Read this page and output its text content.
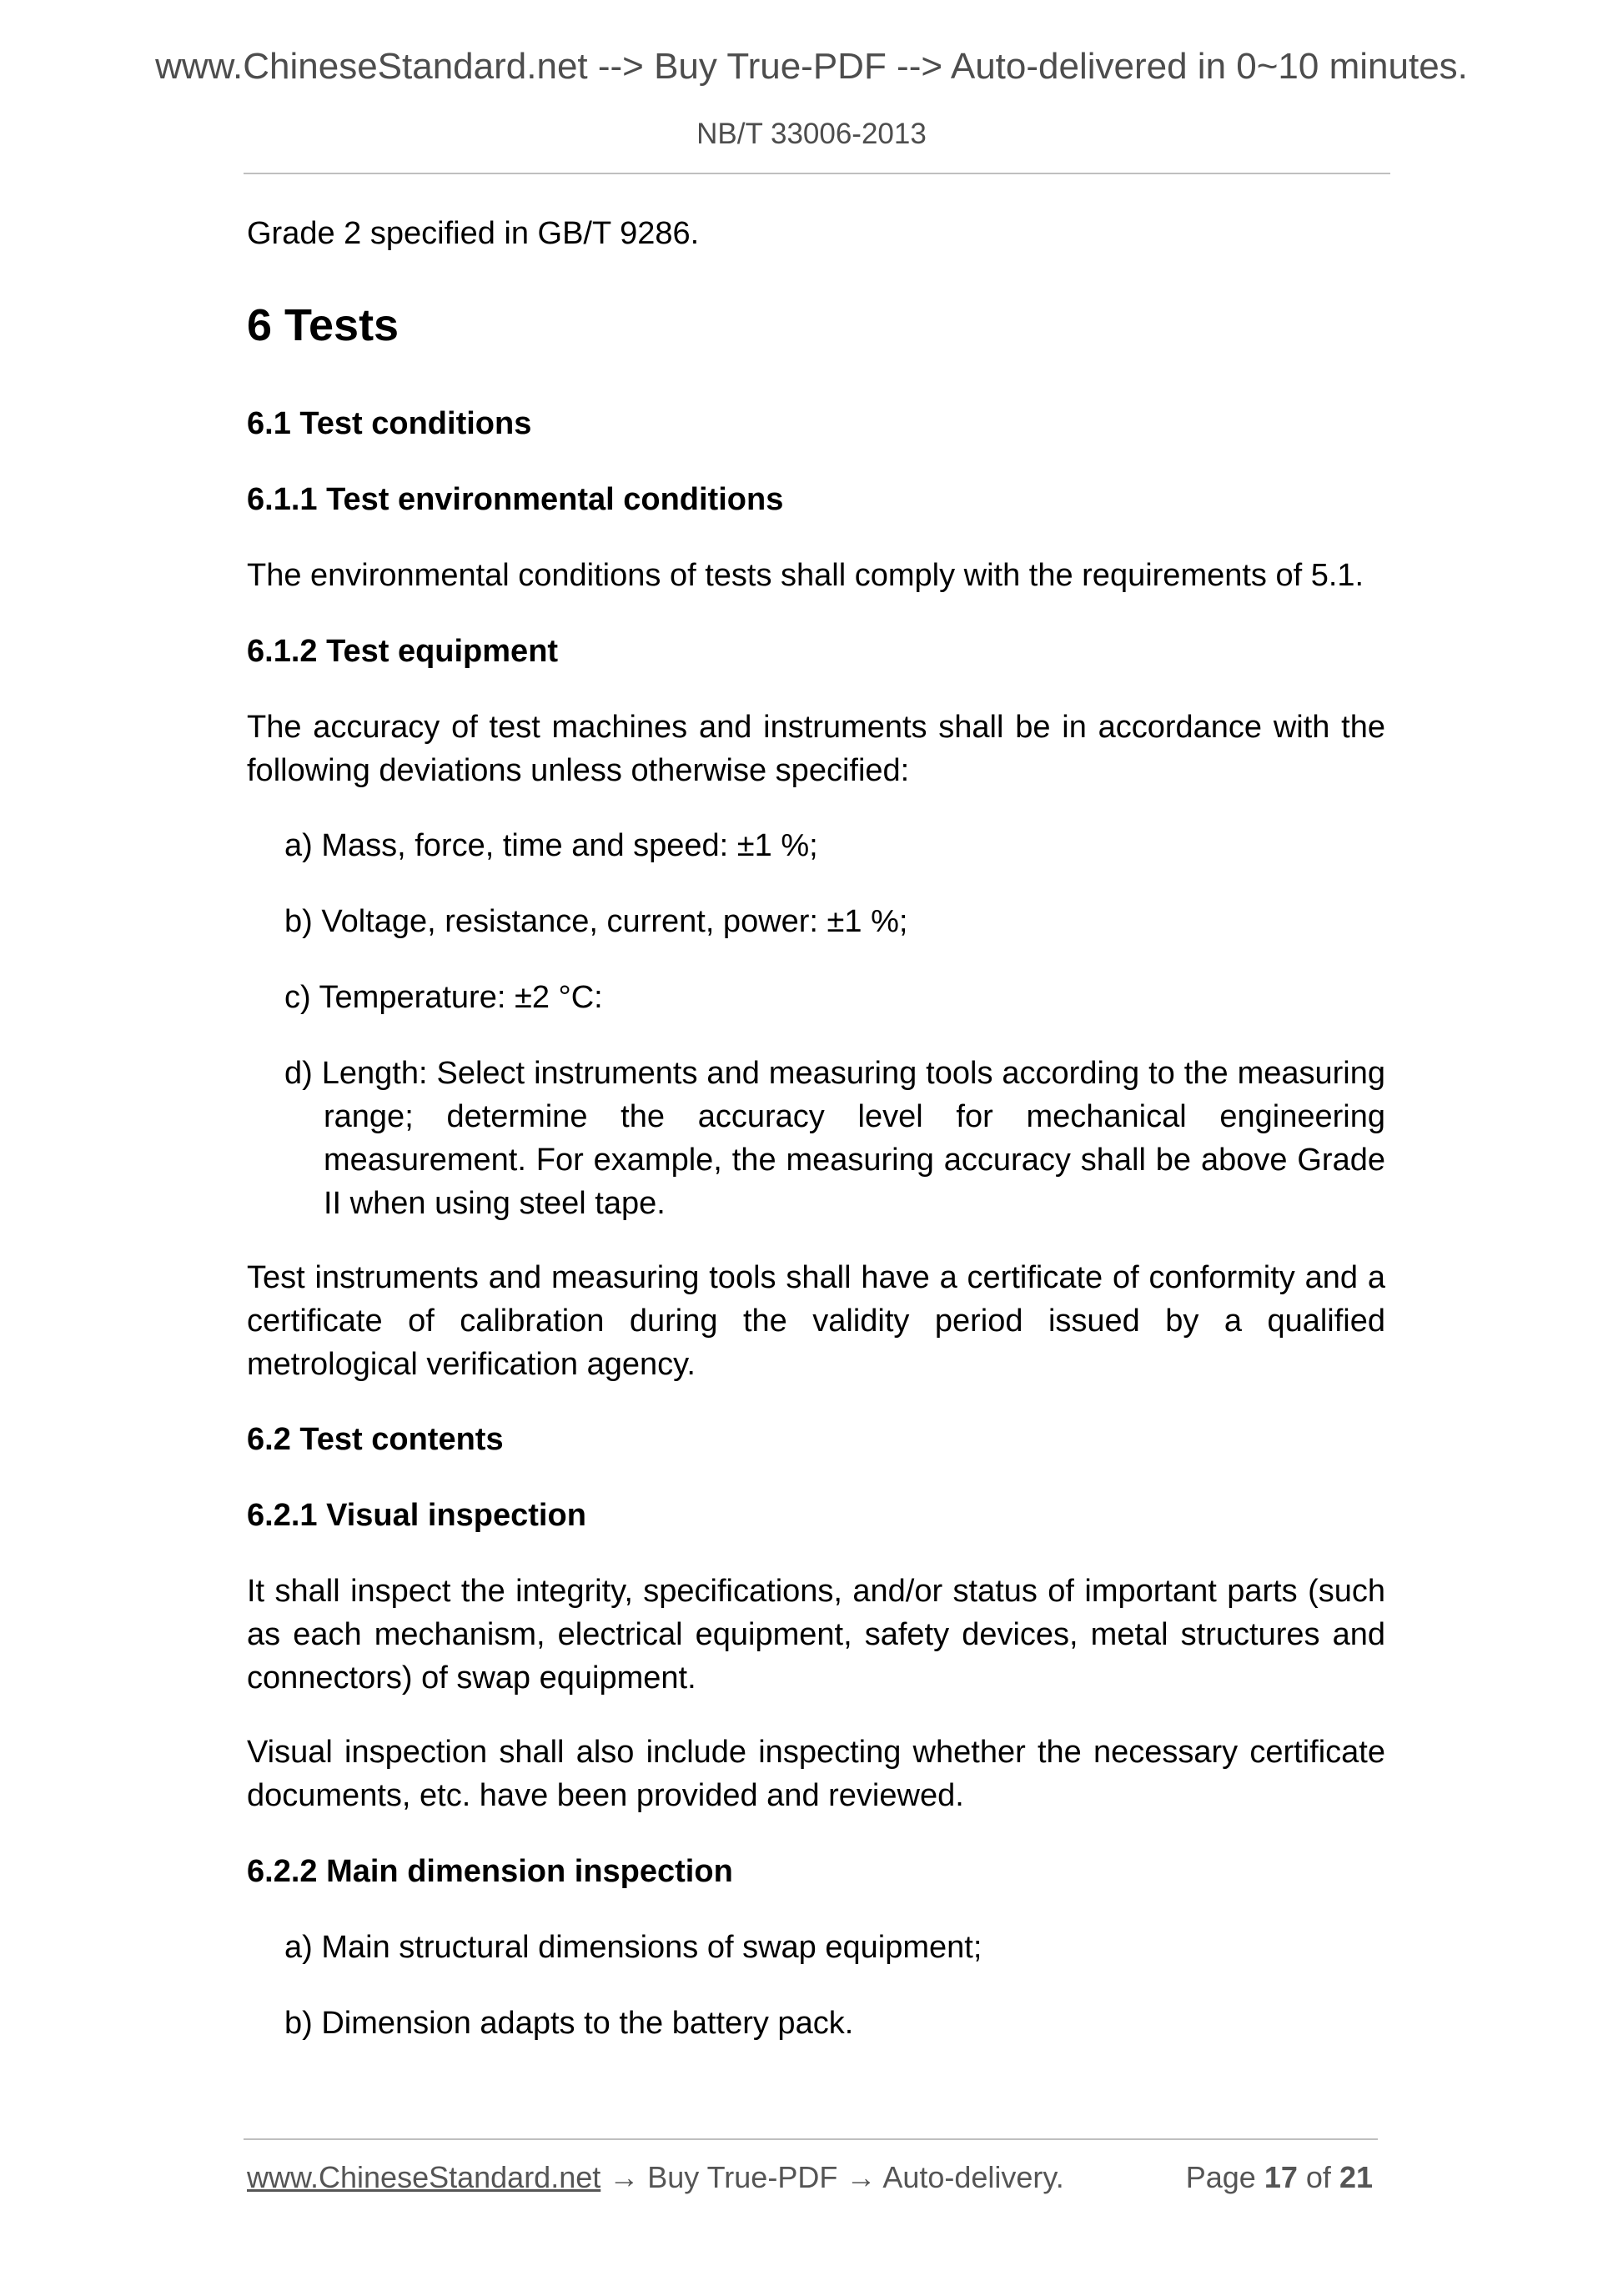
www.ChineseStandard.net --> Buy True-PDF --> Auto-delivered in 0~10 minutes.
NB/T 33006-2013
Grade 2 specified in GB/T 9286.
6 Tests
6.1 Test conditions
6.1.1 Test environmental conditions
The environmental conditions of tests shall comply with the requirements of 5.1.
6.1.2 Test equipment
The accuracy of test machines and instruments shall be in accordance with the following deviations unless otherwise specified:
a) Mass, force, time and speed: ±1 %;
b) Voltage, resistance, current, power: ±1 %;
c) Temperature: ±2 °C:
d) Length: Select instruments and measuring tools according to the measuring range; determine the accuracy level for mechanical engineering measurement. For example, the measuring accuracy shall be above Grade II when using steel tape.
Test instruments and measuring tools shall have a certificate of conformity and a certificate of calibration during the validity period issued by a qualified metrological verification agency.
6.2 Test contents
6.2.1 Visual inspection
It shall inspect the integrity, specifications, and/or status of important parts (such as each mechanism, electrical equipment, safety devices, metal structures and connectors) of swap equipment.
Visual inspection shall also include inspecting whether the necessary certificate documents, etc. have been provided and reviewed.
6.2.2 Main dimension inspection
a) Main structural dimensions of swap equipment;
b) Dimension adapts to the battery pack.
www.ChineseStandard.net → Buy True-PDF → Auto-delivery.	Page 17 of 21
